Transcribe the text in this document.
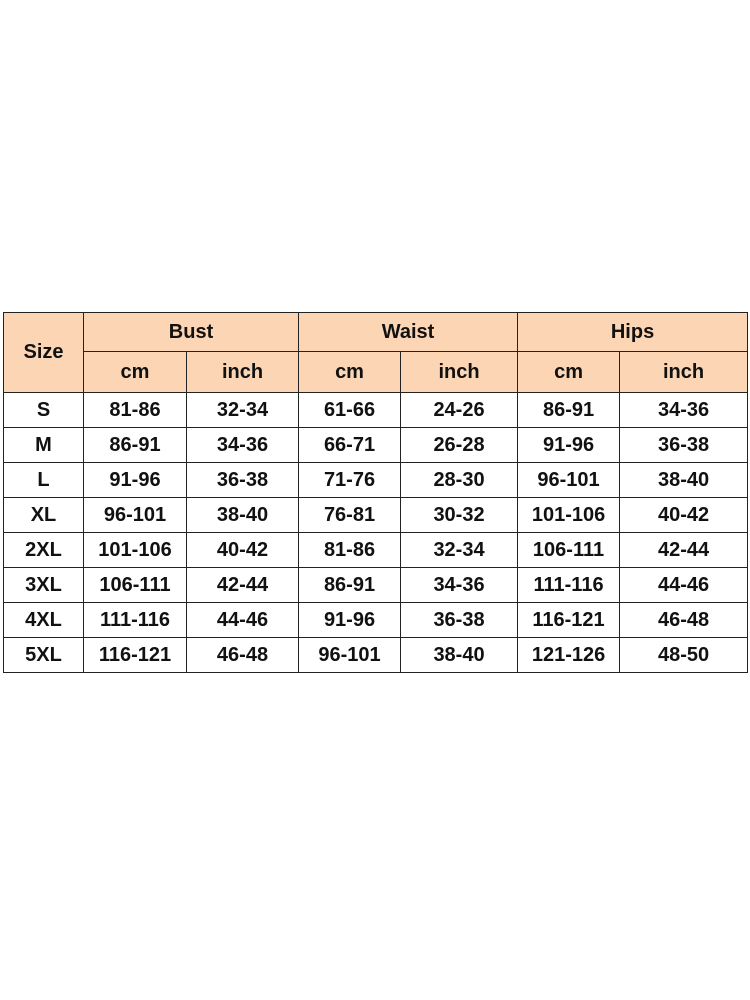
Size	Bust		Waist		Hips	
	cm	inch	cm	inch	cm	inch
S	81-86	32-34	61-66	24-26	86-91	34-36
M	86-91	34-36	66-71	26-28	91-96	36-38
L	91-96	36-38	71-76	28-30	96-101	38-40
XL	96-101	38-40	76-81	30-32	101-106	40-42
2XL	101-106	40-42	81-86	32-34	106-111	42-44
3XL	106-111	42-44	86-91	34-36	111-116	44-46
4XL	111-116	44-46	91-96	36-38	116-121	46-48
5XL	116-121	46-48	96-101	38-40	121-126	48-50
